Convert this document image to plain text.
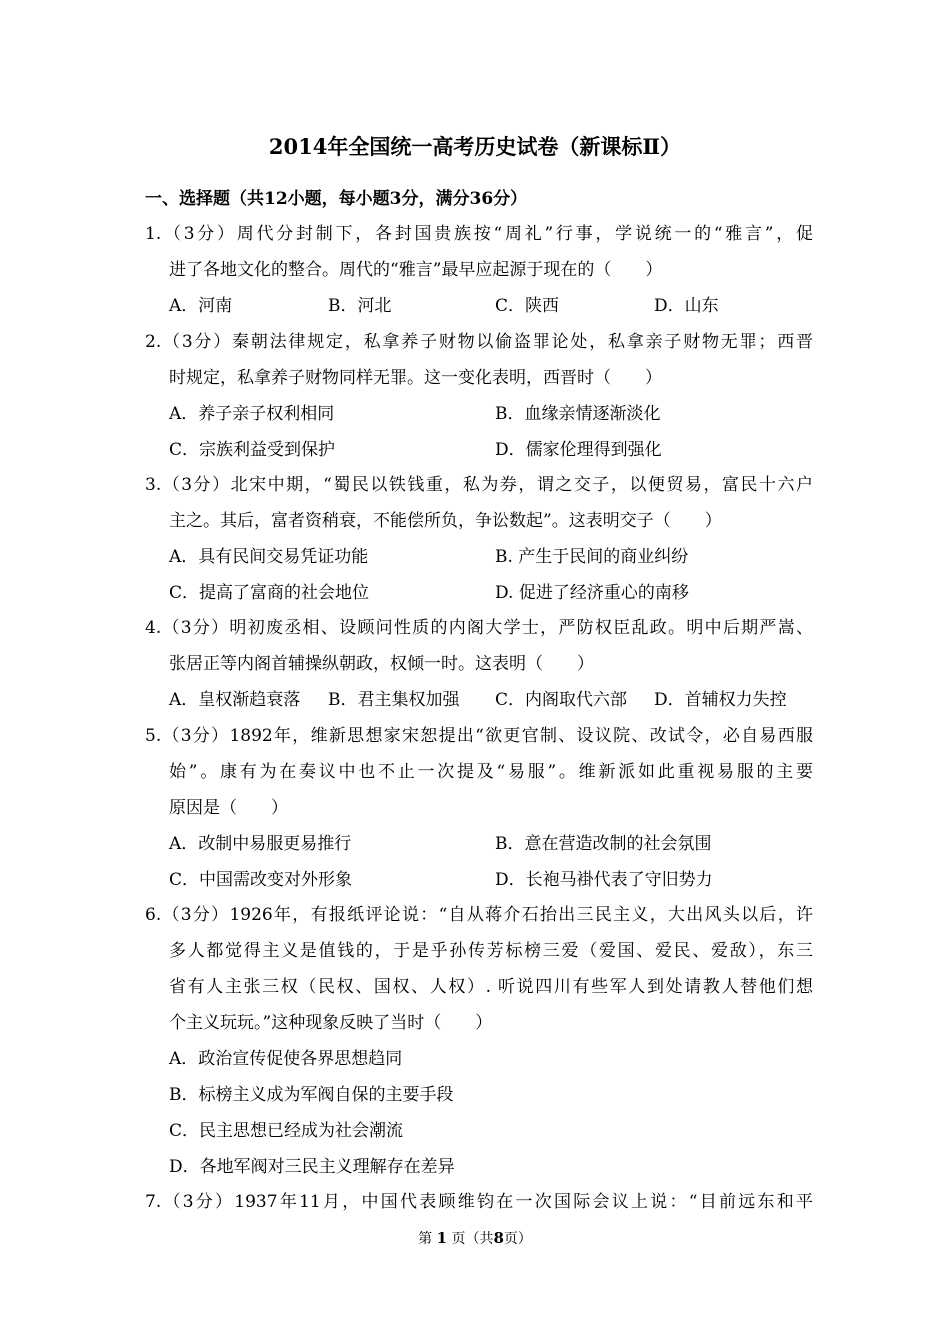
2014年全国统一高考历史试卷（新课标Ⅱ）
一、选择题（共12小题，每小题3分，满分36分）
1.（3分）周代分封制下，各封国贵族按“周礼”行事，学说统一的“雅言”，促
进了各地文化的整合。周代的“雅言”最早应起源于现在的（　　）
A．河南	B．河北	C．陕西	D．山东
2.（3分）秦朝法律规定，私拿养子财物以偷盗罪论处，私拿亲子财物无罪；西晋
时规定，私拿养子财物同样无罪。这一变化表明，西晋时（　　）
A．养子亲子权利相同	B．血缘亲情逐渐淡化
C．宗族利益受到保护	D．儒家伦理得到强化
3.（3分）北宋中期，“蜀民以铁钱重，私为券，谓之交子，以便贸易，富民十六户
主之。其后，富者资稍衰，不能偿所负，争讼数起”。这表明交子（　　）
A．具有民间交易凭证功能	B. 产生于民间的商业纠纷
C．提高了富商的社会地位	D. 促进了经济重心的南移
4.（3分）明初废丞相、设顾问性质的内阁大学士，严防权臣乱政。明中后期严嵩、
张居正等内阁首辅操纵朝政，权倾一时。这表明（　　）
A．皇权渐趋衰落 B．君主集权加强 C．内阁取代六部 D．首辅权力失控
5.（3分）1892年，维新思想家宋恕提出“欲更官制、设议院、改试令，必自易西服
始”。康有为在奏议中也不止一次提及“易服”。维新派如此重视易服的主要
原因是（　　）
A．改制中易服更易推行	B．意在营造改制的社会氛围
C．中国需改变对外形象	D．长袍马褂代表了守旧势力
6.（3分）1926年，有报纸评论说：“自从蒋介石抬出三民主义，大出风头以后，许
多人都觉得主义是值钱的，于是乎孙传芳标榜三爱（爱国、爱民、爱敌），东三
省有人主张三权（民权、国权、人权）. 听说四川有些军人到处请教人替他们想
个主义玩玩。”这种现象反映了当时（　　）
A．政治宣传促使各界思想趋同
B．标榜主义成为军阀自保的主要手段
C．民主思想已经成为社会潮流
D．各地军阀对三民主义理解存在差异
7.（3分）1937年11月，中国代表顾维钧在一次国际会议上说：“目前远东和平
第 1 页（共8页）
